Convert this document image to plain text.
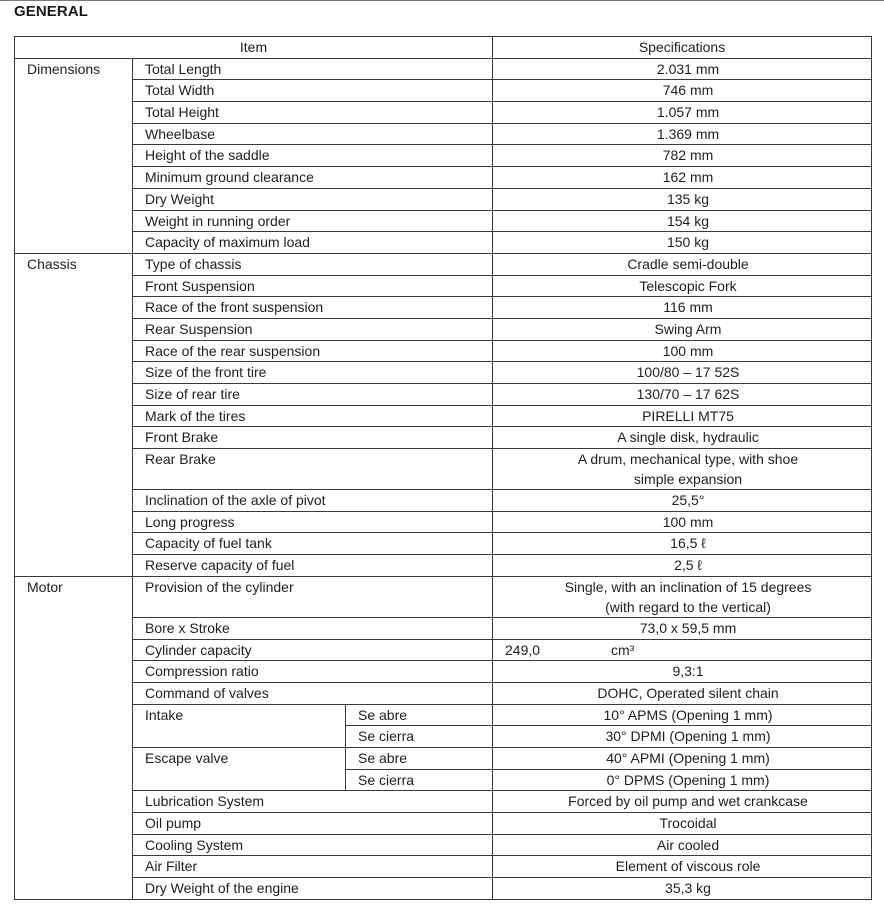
GENERAL
Item			Specifications
Dimensions	Total Length		2.031 mm
	Total Width		746 mm
	Total Height		1.057 mm
	Wheelbase		1.369 mm
	Height of the saddle		782 mm
	Minimum ground clearance		162 mm
	Dry Weight		135 kg
	Weight in running order		154 kg
	Capacity of maximum load		150 kg
Chassis	Type of chassis		Cradle semi-double
	Front Suspension		Telescopic Fork
	Race of the front suspension		116 mm
	Rear Suspension		Swing Arm
	Race of the rear suspension		100 mm
	Size of the front tire		100/80 – 17 52S
	Size of rear tire		130/70 – 17 62S
	Mark of the tires		PIRELLI MT75
	Front Brake		A single disk, hydraulic
	Rear Brake		A drum, mechanical type, with shoe
simple expansion

	Inclination of the axle of pivot		25,5°
	Long progress		100 mm
	Capacity of fuel tank		16,5 ℓ
	Reserve capacity of fuel		2,5 ℓ
Motor	Provision of the cylinder		Single, with an inclination of 15 degrees
(with regard to the vertical)

	Bore x Stroke		73,0 x 59,5 mm
	Cylinder capacity		249,0 cm³

	Compression ratio		9,3:1
	Command of valves		DOHC, Operated silent chain
	Intake	Se abre	10° APMS (Opening 1 mm)
		Se cierra	30° DPMI (Opening 1 mm)
	Escape valve	Se abre	40° APMI (Opening 1 mm)
		Se cierra	0° DPMS (Opening 1 mm)
	Lubrication System		Forced by oil pump and wet crankcase
	Oil pump		Trocoidal
	Cooling System		Air cooled
	Air Filter		Element of viscous role
	Dry Weight of the engine		35,3 kg
